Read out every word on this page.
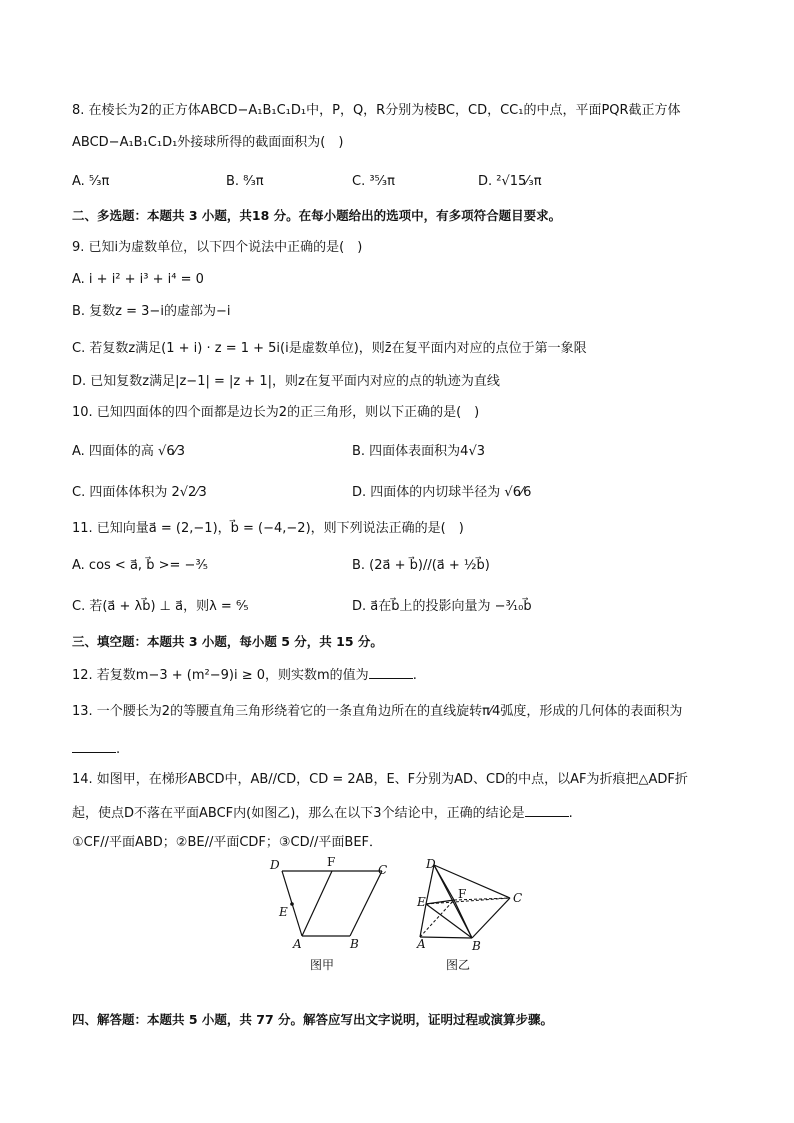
8. 在棱长为2的正方体ABCD−A₁B₁C₁D₁中，P，Q，R分别为棱BC，CD，CC₁的中点，平面PQR截正方体
ABCD−A₁B₁C₁D₁外接球所得的截面面积为(　)
A. ⁵⁄₃π	B. ⁸⁄₃π	C. ³⁵⁄₃π	D. ²√15⁄₃π
二、多选题：本题共 3 小题，共18 分。在每小题给出的选项中，有多项符合题目要求。
9. 已知i为虚数单位，以下四个说法中正确的是(　)
A. i + i² + i³ + i⁴ = 0
B. 复数z = 3−i的虚部为−i
C. 若复数z满足(1 + i) · z = 1 + 5i(i是虚数单位)，则z̄在复平面内对应的点位于第一象限
D. 已知复数z满足|z−1| = |z + 1|，则z在复平面内对应的点的轨迹为直线
10. 已知四面体的四个面都是边长为2的正三角形，则以下正确的是(　)
A. 四面体的高 √6⁄3	B. 四面体表面积为4√3
C. 四面体体积为 2√2⁄3	D. 四面体的内切球半径为 √6⁄6
11. 已知向量a⃗ = (2,−1)，b⃗ = (−4,−2)，则下列说法正确的是(　)
A. cos < a⃗, b⃗ >= −³⁄₅	B. (2a⃗ + b⃗)//(a⃗ + ½b⃗)
C. 若(a⃗ + λb⃗) ⊥ a⃗，则λ = ⁶⁄₅	D. a⃗在b⃗上的投影向量为 −³⁄₁₀b⃗
三、填空题：本题共 3 小题，每小题 5 分，共 15 分。
12. 若复数m−3 + (m²−9)i ≥ 0，则实数m的值为	.
13. 一个腰长为2的等腰直角三角形绕着它的一条直角边所在的直线旋转π⁄4弧度，形成的几何体的表面积为
.
14. 如图甲，在梯形ABCD中，AB//CD，CD = 2AB，E、F分别为AD、CD的中点，以AF为折痕把△ADF折
起，使点D不落在平面ABCF内(如图乙)，那么在以下3个结论中，正确的结论是	.
①CF//平面ABD；②BE//平面CDF；③CD//平面BEF．
D	F
C
E
A	B
图甲
D
E
F	C
A	B
图乙
四、解答题：本题共 5 小题，共 77 分。解答应写出文字说明，证明过程或演算步骤。
